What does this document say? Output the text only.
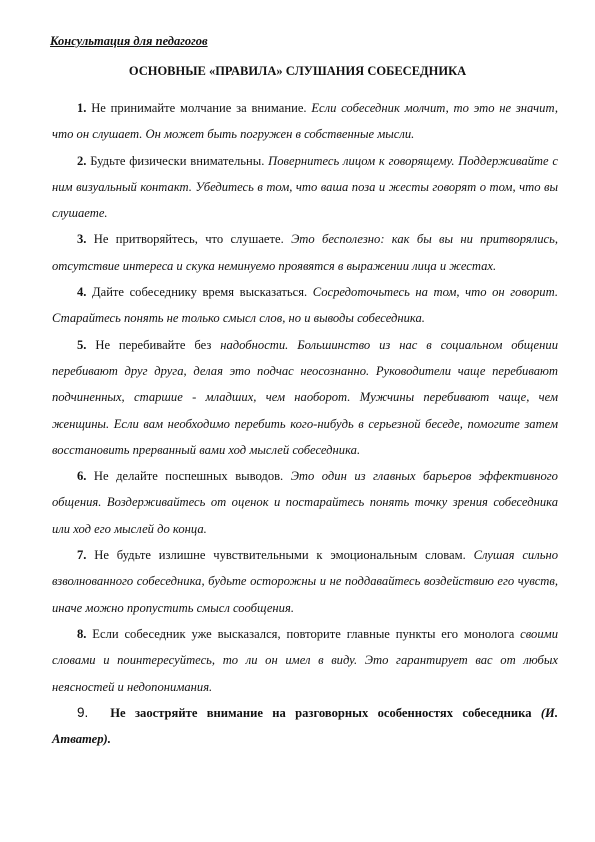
Консультация для педагогов
ОСНОВНЫЕ «ПРАВИЛА» СЛУШАНИЯ СОБЕСЕДНИКА

1. Не принимайте молчание за внимание. Если собеседник молчит, то это не значит, что он слушает. Он может быть погружен в собственные мысли.

2. Будьте физически внимательны. Повернитесь лицом к говорящему. Поддерживайте с ним визуальный контакт. Убедитесь в том, что ваша поза и жесты говорят о том, что вы слушаете.

3. Не притворяйтесь, что слушаете. Это бесполезно: как бы вы ни притворялись, отсутствие интереса и скука неминуемо проявятся в выражении лица и жестах.

4. Дайте собеседнику время высказаться. Сосредоточьтесь на том, что он говорит. Старайтесь понять не только смысл слов, но и выводы собеседника.

5. Не перебивайте без надобности. Большинство из нас в социальном общении перебивают друг друга, делая это подчас неосознанно. Руководители чаще перебивают подчиненных, старшие - младших, чем наоборот. Мужчины перебивают чаще, чем женщины. Если вам необходимо перебить кого-нибудь в серьезной беседе, помогите затем восстановить прерванный вами ход мыслей собеседника.

6. Не делайте поспешных выводов. Это один из главных барьеров эффективного общения. Воздерживайтесь от оценок и постарайтесь понять точку зрения собеседника или ход его мыслей до конца.

7. Не будьте излишне чувствительными к эмоциональным словам. Слушая сильно взволнованного собеседника, будьте осторожны и не поддавайтесь воздействию его чувств, иначе можно пропустить смысл сообщения.

8. Если собеседник уже высказался, повторите главные пункты его монолога своими словами и поинтересуйтесь, то ли он имел в виду. Это гарантирует вас от любых неясностей и недопонимания.

9. Не заостряйте внимание на разговорных особенностях собеседника (И. Атватер).
